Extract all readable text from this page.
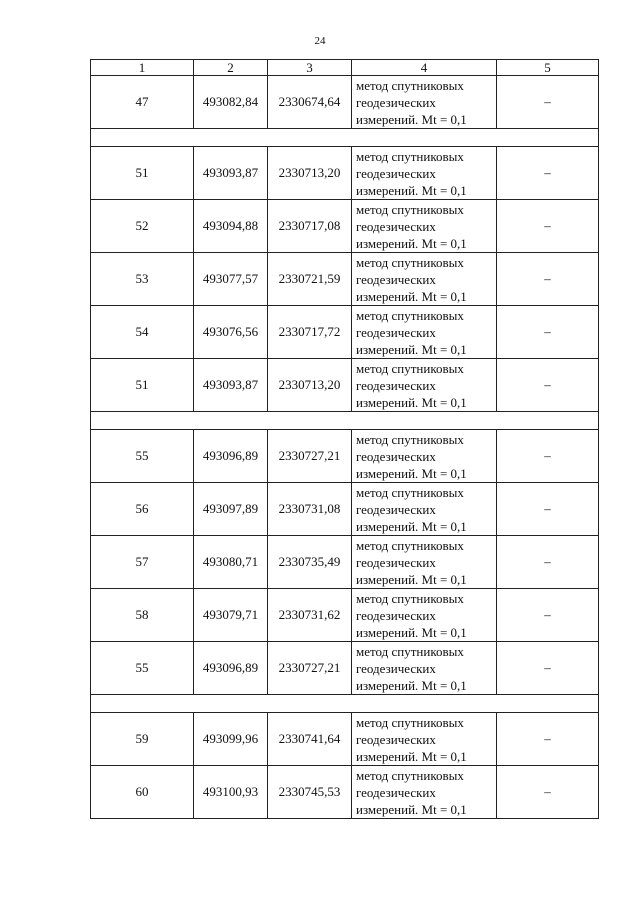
24
1	2	3	4	5
47	493082,84	2330674,64	метод спутниковых геодезических измерений. Mt = 0,1	–

51	493093,87	2330713,20	метод спутниковых геодезических измерений. Mt = 0,1	–
52	493094,88	2330717,08	метод спутниковых геодезических измерений. Mt = 0,1	–
53	493077,57	2330721,59	метод спутниковых геодезических измерений. Mt = 0,1	–
54	493076,56	2330717,72	метод спутниковых геодезических измерений. Mt = 0,1	–
51	493093,87	2330713,20	метод спутниковых геодезических измерений. Mt = 0,1	–

55	493096,89	2330727,21	метод спутниковых геодезических измерений. Mt = 0,1	–
56	493097,89	2330731,08	метод спутниковых геодезических измерений. Mt = 0,1	–
57	493080,71	2330735,49	метод спутниковых геодезических измерений. Mt = 0,1	–
58	493079,71	2330731,62	метод спутниковых геодезических измерений. Mt = 0,1	–
55	493096,89	2330727,21	метод спутниковых геодезических измерений. Mt = 0,1	–

59	493099,96	2330741,64	метод спутниковых геодезических измерений. Mt = 0,1	–
60	493100,93	2330745,53	метод спутниковых геодезических измерений. Mt = 0,1	–
